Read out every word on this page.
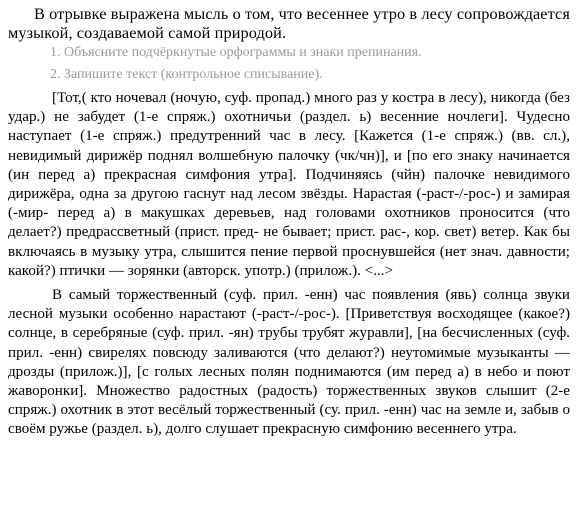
В отрывке выражена мысль о том, что весеннее утро в лесу сопровождается музыкой, создаваемой самой природой.

1. Объясните подчёркнутые орфограммы и знаки препинания.
2. Запишите текст (контрольное списывание).

[Тот,( кто ночевал (ночую, суф. пропад.) много раз у костра в лесу), никогда (без удар.) не забудет (1-е спряж.) охотничьи (раздел. ь) весенние ночлеги]. Чудесно наступает (1-е спряж.) предутренний час в лесу. [Кажется (1-е спряж.) (вв. сл.), невидимый дирижёр поднял волшебную палочку (чк/чн)], и [по его знаку начинается (ин перед а) прекрасная симфония утра]. Подчиняясь (чйн) палочке невидимого дирижёра, одна за другою гаснут над лесом звёзды. Нарастая (-раст-/-рос-) и замирая (-мир- перед а) в макушках деревьев, над головами охотников проносится (что делает?) предрассветный (прист. пред- не бывает; прист. рас-, кор. свет) ветер. Как бы включаясь в музыку утра, слышится пение первой проснувшейся (нет знач. давности; какой?) птички — зорянки (авторск. употр.) (прилож.). <...>

В самый торжественный (суф. прил. -енн) час появления (явь) солнца звуки лесной музыки особенно нарастают (-раст-/-рос-). [Приветствуя восходящее (какое?) солнце, в серебряные (суф. прил. -ян) трубы трубят журавли], [на бесчисленных (суф. прил. -енн) свирелях повсюду заливаются (что делают?) неутомимые музыканты — дрозды (прилож.)], [с голых лесных полян поднимаются (им перед а) в небо и поют жаворонки]. Множество радостных (радость) торжественных звуков слышит (2-е спряж.) охотник в этот весёлый торжественный (су. прил. -енн) час на земле и, забыв о своём ружье (раздел. ь), долго слушает прекрасную симфонию весеннего утра.
